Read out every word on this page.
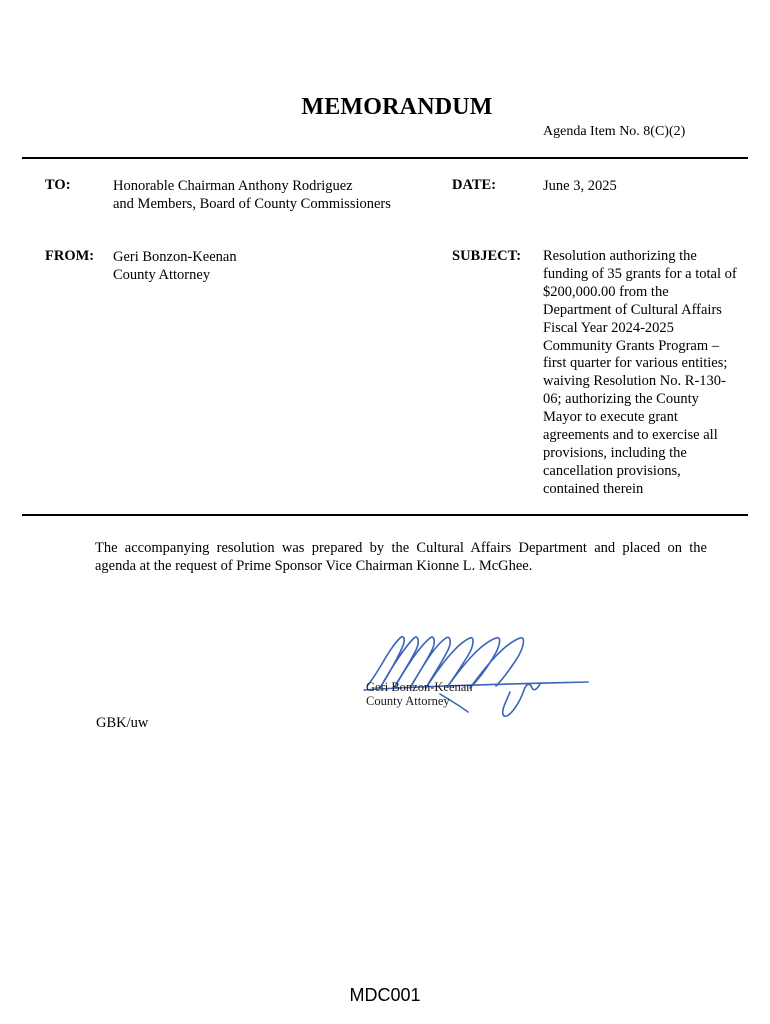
MEMORANDUM
Agenda Item No. 8(C)(2)
TO:	Honorable Chairman Anthony Rodriguez
and Members, Board of County Commissioners
DATE:	June 3, 2025
FROM: Geri Bonzon-Keenan
County Attorney
SUBJECT: Resolution authorizing the
funding of 35 grants for a total of
$200,000.00 from the
Department of Cultural Affairs
Fiscal Year 2024-2025
Community Grants Program –
first quarter for various entities;
waiving Resolution No. R-130-
06; authorizing the County
Mayor to execute grant
agreements and to exercise all
provisions, including the
cancellation provisions,
contained therein
The accompanying resolution was prepared by the Cultural Affairs Department and placed on the
agenda at the request of Prime Sponsor Vice Chairman Kionne L. McGhee.
Geri Bonzon-Keenan
County Attorney
GBK/uw
MDC001
